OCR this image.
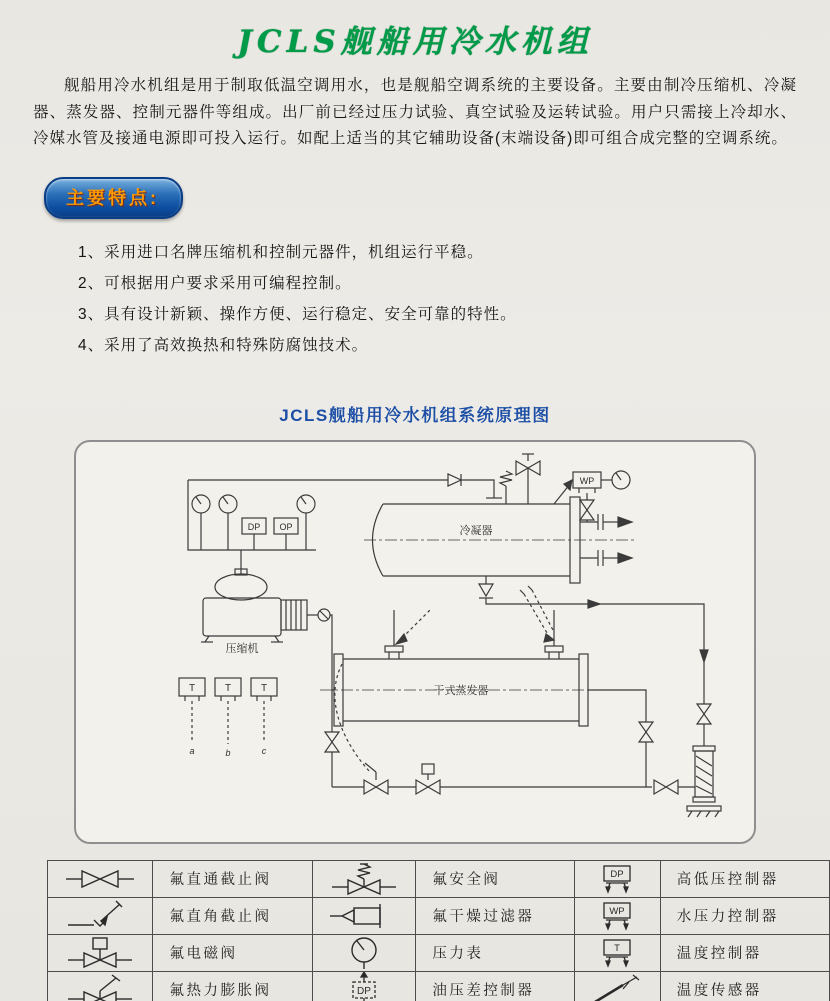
JCLS舰船用冷水机组

舰船用冷水机组是用于制取低温空调用水，也是舰船空调系统的主要设备。主要由制冷压缩机、冷凝器、蒸发器、控制元器件等组成。出厂前已经过压力试验、真空试验及运转试验。用户只需接上冷却水、冷媒水管及接通电源即可投入运行。如配上适当的其它辅助设备(末端设备)即可组合成完整的空调系统。

主要特点:
1、采用进口名牌压缩机和控制元器件，机组运行平稳。
2、可根据用户要求采用可编程控制。
3、具有设计新颖、操作方便、运行稳定、安全可靠的特性。
4、采用了高效换热和特殊防腐蚀技术。
JCLS舰船用冷水机组系统原理图
冷凝器
干式蒸发器
压缩机
DP OP
WP
T	T	T
a	b	c
	氟直通截止阀		氟安全阀	DP	高低压控制器
	氟直角截止阀		氟干燥过滤器	WP	水压力控制器
	氟电磁阀		压力表	T	温度控制器
	氟热力膨胀阀	DP	油压差控制器		温度传感器
